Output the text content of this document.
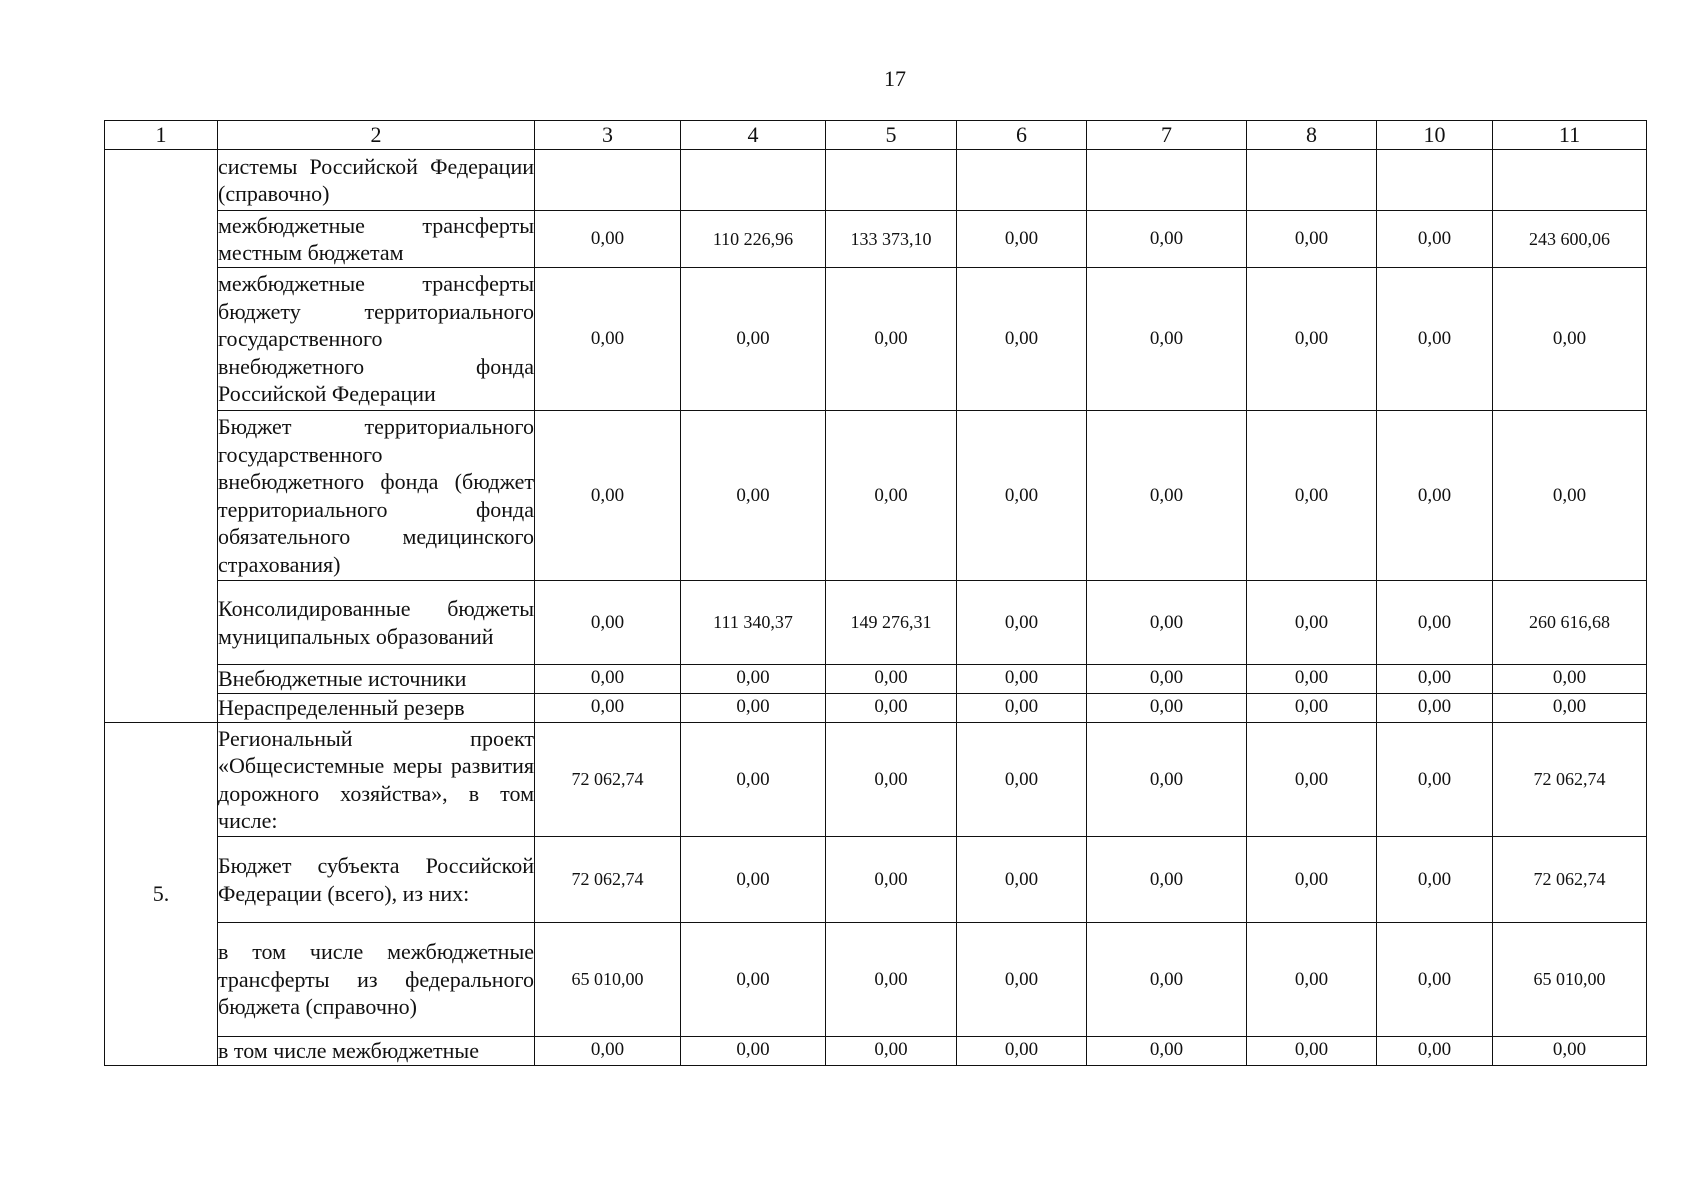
17
1	2	3	4	5	6	7	8	10	11
	системы Российской Федерации (справочно)								
	межбюджетные трансферты местным бюджетам	0,00	110 226,96	133 373,10	0,00	0,00	0,00	0,00	243 600,06
	межбюджетные трансферты бюджету территориального государственного внебюджетного фонда Российской Федерации	0,00	0,00	0,00	0,00	0,00	0,00	0,00	0,00
	Бюджет территориального государственного внебюджетного фонда (бюджет территориального фонда обязательного медицинского страхования)	0,00	0,00	0,00	0,00	0,00	0,00	0,00	0,00
	Консолидированные бюджеты муниципальных образований	0,00	111 340,37	149 276,31	0,00	0,00	0,00	0,00	260 616,68
	Внебюджетные источники	0,00	0,00	0,00	0,00	0,00	0,00	0,00	0,00
	Нераспределенный резерв	0,00	0,00	0,00	0,00	0,00	0,00	0,00	0,00
5.	Региональный проект «Общесистемные меры развития дорожного хозяйства», в том числе:	72 062,74	0,00	0,00	0,00	0,00	0,00	0,00	72 062,74
	Бюджет субъекта Российской Федерации (всего), из них:	72 062,74	0,00	0,00	0,00	0,00	0,00	0,00	72 062,74
	в том числе межбюджетные трансферты из федерального бюджета (справочно)	65 010,00	0,00	0,00	0,00	0,00	0,00	0,00	65 010,00
	в том числе межбюджетные	0,00	0,00	0,00	0,00	0,00	0,00	0,00	0,00
